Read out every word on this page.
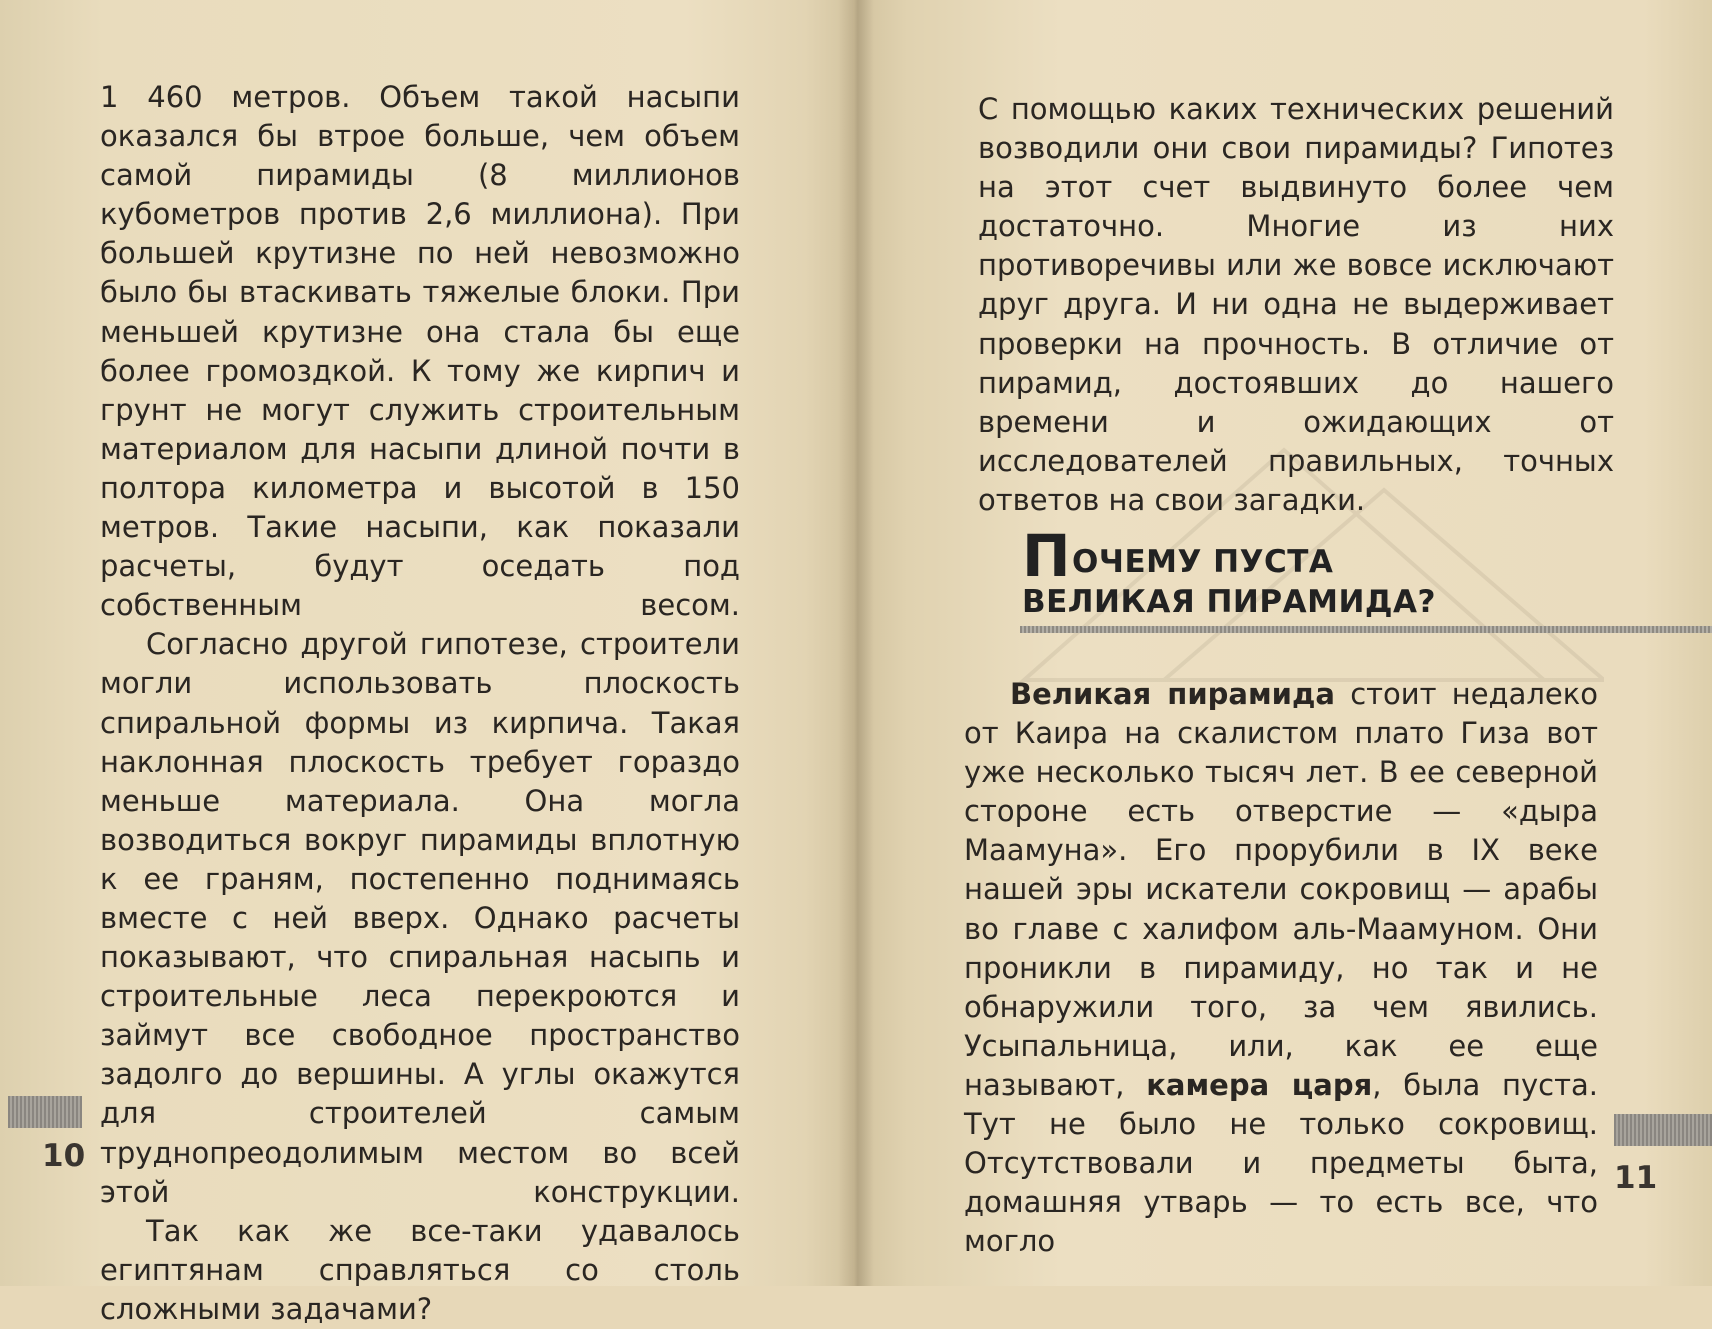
1 460 метров. Объем такой насыпи оказался бы втрое больше, чем объем самой пирамиды (8 миллионов кубометров против 2,6 миллиона). При большей крутизне по ней невозможно было бы втаскивать тяжелые блоки. При меньшей крутизне она стала бы еще более громоздкой. К тому же кирпич и грунт не могут служить строительным материалом для насыпи длиной почти в полтора километра и высотой в 150 метров. Такие насыпи, как показали расчеты, будут оседать под собственным весом.

Согласно другой гипотезе, строители могли использовать плоскость спиральной формы из кирпича. Такая наклонная плоскость требует гораздо меньше материала. Она могла возводиться вокруг пирамиды вплотную к ее граням, постепенно поднимаясь вместе с ней вверх. Однако расчеты показывают, что спиральная насыпь и строительные леса перекроются и займут все свободное пространство задолго до вершины. А углы окажутся для строителей самым труднопреодолимым местом во всей этой конструкции.

Так как же все-таки удавалось египтянам справляться со столь сложными задачами?

10

С помощью каких технических решений возводили они свои пирамиды? Гипотез на этот счет выдвинуто более чем достаточно. Многие из них противоречивы или же вовсе исключают друг друга. И ни одна не выдерживает проверки на прочность. В отличие от пирамид, достоявших до нашего времени и ожидающих от исследователей правильных, точных ответов на свои загадки.

ПОЧЕМУ ПУСТА
ВЕЛИКАЯ ПИРАМИДА?

Великая пирамида стоит недалеко от Каира на скалистом плато Гиза вот уже несколько тысяч лет. В ее северной стороне есть отверстие — «дыра Маамуна». Его прорубили в IX веке нашей эры искатели сокровищ — арабы во главе с халифом аль-Маамуном. Они проникли в пирамиду, но так и не обнаружили того, за чем явились. Усыпальница, или, как ее еще называют, камера царя, была пуста. Тут не было не только сокровищ. Отсутствовали и предметы быта, домашняя утварь — то есть все, что могло

11
